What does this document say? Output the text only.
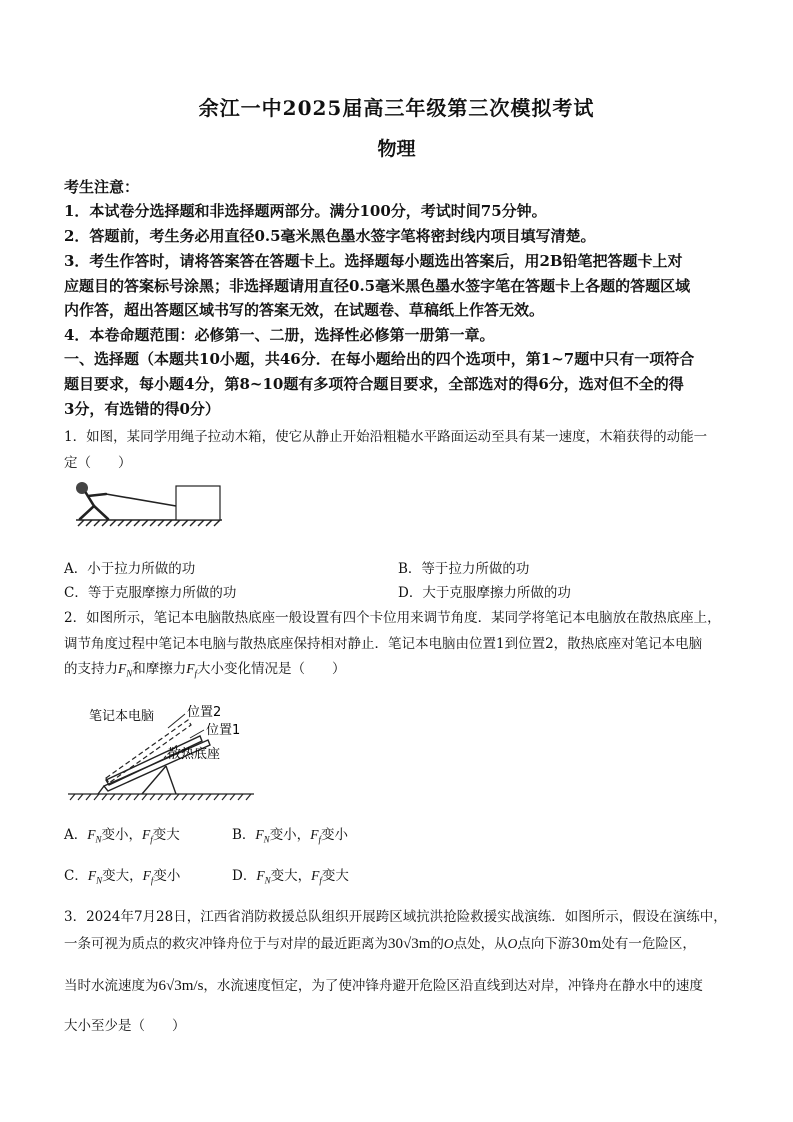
余江一中2025届高三年级第三次模拟考试
物理
考生注意：
1．本试卷分选择题和非选择题两部分。满分100分，考试时间75分钟。
2．答题前，考生务必用直径0.5毫米黑色墨水签字笔将密封线内项目填写清楚。
3．考生作答时，请将答案答在答题卡上。选择题每小题选出答案后，用2B铅笔把答题卡上对
应题目的答案标号涂黑；非选择题请用直径0.5毫米黑色墨水签字笔在答题卡上各题的答题区域
内作答，超出答题区域书写的答案无效，在试题卷、草稿纸上作答无效。
4．本卷命题范围：必修第一、二册，选择性必修第一册第一章。
一、选择题（本题共10小题，共46分．在每小题给出的四个选项中，第1~7题中只有一项符合
题目要求，每小题4分，第8~10题有多项符合题目要求，全部选对的得6分，选对但不全的得
3分，有选错的得0分）
1．如图，某同学用绳子拉动木箱，使它从静止开始沿粗糙水平路面运动至具有某一速度，木箱获得的动能一
定（　　）
A．小于拉力所做的功	B．等于拉力所做的功
C．等于克服摩擦力所做的功	D．大于克服摩擦力所做的功
2．如图所示，笔记本电脑散热底座一般设置有四个卡位用来调节角度．某同学将笔记本电脑放在散热底座上，
调节角度过程中笔记本电脑与散热底座保持相对静止．笔记本电脑由位置1到位置2，散热底座对笔记本电脑
的支持力$F_N$和摩擦力$F_f$大小变化情况是（　　）
笔记本电脑	位置2
位置1
散热底座
A．$F_N$变小，$F_f$变大	B．$F_N$变小，$F_f$变小
C．$F_N$变大，$F_f$变小	D．$F_N$变大，$F_f$变大
3．2024年7月28日，江西省消防救援总队组织开展跨区域抗洪抢险救援实战演练．如图所示，假设在演练中，
一条可视为质点的救灾冲锋舟位于与对岸的最近距离为30√3m的O点处，从O点向下游30m处有一危险区，
当时水流速度为6√3m/s，水流速度恒定，为了使冲锋舟避开危险区沿直线到达对岸，冲锋舟在静水中的速度
大小至少是（　　）
